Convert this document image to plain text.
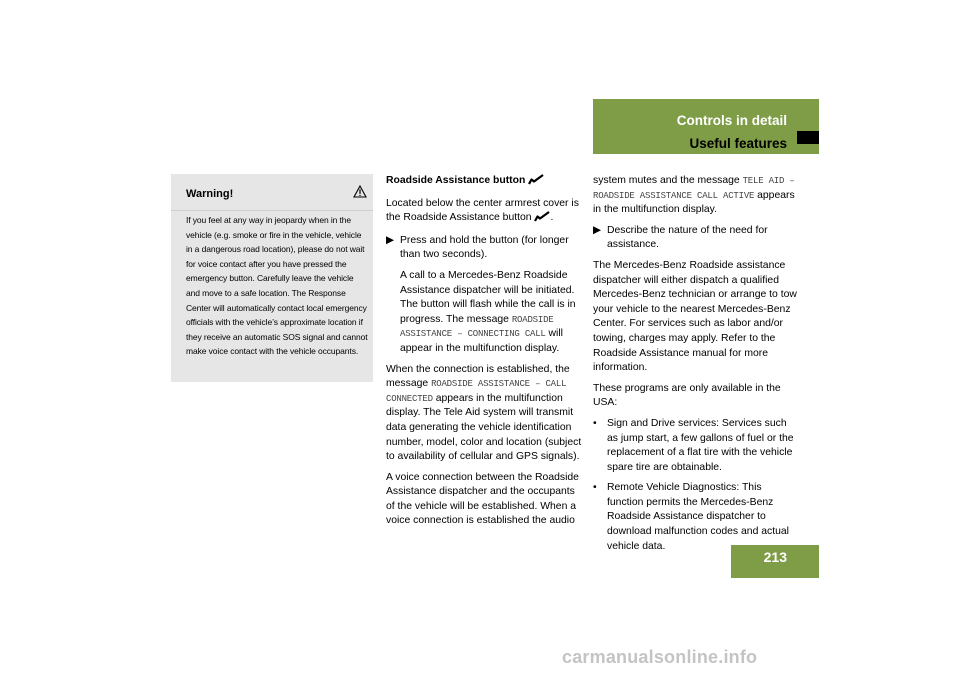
Controls in detail
Useful features
213
Warning!
If you feel at any way in jeopardy when in the vehicle (e.g. smoke or fire in the vehicle, vehicle in a dangerous road location), please do not wait for voice contact after you have pressed the emergency button. Carefully leave the vehicle and move to a safe location. The Response Center will automatically contact local emergency officials with the vehicle’s approximate location if they receive an automatic SOS signal and cannot make voice contact with the vehicle occupants.

Roadside Assistance button

Located below the center armrest cover is the Roadside Assistance button .

▶ Press and hold the button (for longer than two seconds).
A call to a Mercedes-Benz Roadside Assistance dispatcher will be initiated. The button will flash while the call is in progress. The message ROADSIDE ASSISTANCE – CONNECTING CALL will appear in the multifunction display.

When the connection is established, the message ROADSIDE ASSISTANCE – CALL CONNECTED appears in the multifunction display. The Tele Aid system will transmit data generating the vehicle identification number, model, color and location (subject to availability of cellular and GPS signals).

A voice connection between the Roadside Assistance dispatcher and the occupants of the vehicle will be established. When a voice connection is established the audio

system mutes and the message TELE AID – ROADSIDE ASSISTANCE CALL ACTIVE appears in the multifunction display.

▶ Describe the nature of the need for assistance.

The Mercedes-Benz Roadside assistance dispatcher will either dispatch a qualified Mercedes-Benz technician or arrange to tow your vehicle to the nearest Mercedes-Benz Center. For services such as labor and/or towing, charges may apply. Refer to the Roadside Assistance manual for more information.

These programs are only available in the USA:

• Sign and Drive services: Services such as jump start, a few gallons of fuel or the replacement of a flat tire with the vehicle spare tire are obtainable.
• Remote Vehicle Diagnostics: This function permits the Mercedes-Benz Roadside Assistance dispatcher to download malfunction codes and actual vehicle data.
carmanualsonline.info
